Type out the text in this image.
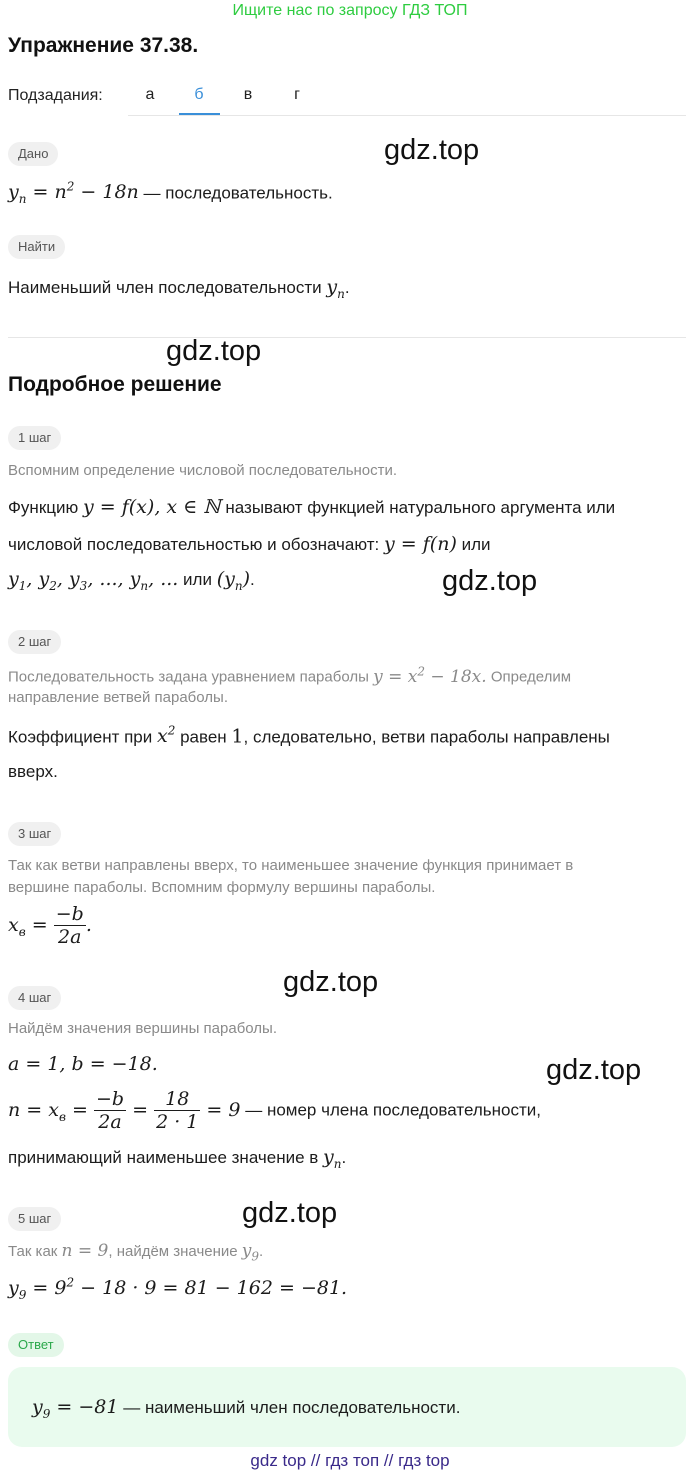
Ищите нас по запросу ГДЗ ТОП
Упражнение 37.38.
Подзадания:	а	б	в	г
Дано	gdz.top
$y_n = n^2 - 18n$ — последовательность.
Найти
Наименьший член последовательности $y_n$.
gdz.top
Подробное решение
1 шаг
Вспомним определение числовой последовательности.
Функцию y = f(x), x ∈ ℕ называют функцией натурального аргумента или
числовой последовательностью и обозначают: y = f(n) или
$y_1$, $y_2$, $y_3$, ..., $y_n$, ... или $(y_n)$.	gdz.top
2 шаг
Последовательность задана уравнением параболы $y = x^2 - 18x$. Определим
направление ветвей параболы.
Коэффициент при $x^2$ равен 1, следовательно, ветви параболы направлены
вверх.
3 шаг
Так как ветви направлены вверх, то наименьшее значение функция принимает в
вершине параболы. Вспомним формулу вершины параболы.
$x_в = \frac{-b}{2a}$ .
gdz.top
4 шаг
Найдём значения вершины параболы.
a = 1, b = −18.	gdz.top
$n = x_в = \frac{-b}{2a} = \frac{18}{2 \cdot 1} = 9$ — номер члена последовательности,
принимающий наименьшее значение в $y_n$.
gdz.top
5 шаг
Так как n = 9, найдём значение $y_9$.
$y_9 = 9^2 - 18 \cdot 9 = 81 - 162 = -81$.
Ответ
$y_9 = -81$ — наименьший член последовательности.
gdz top // гдз топ // гдз top
